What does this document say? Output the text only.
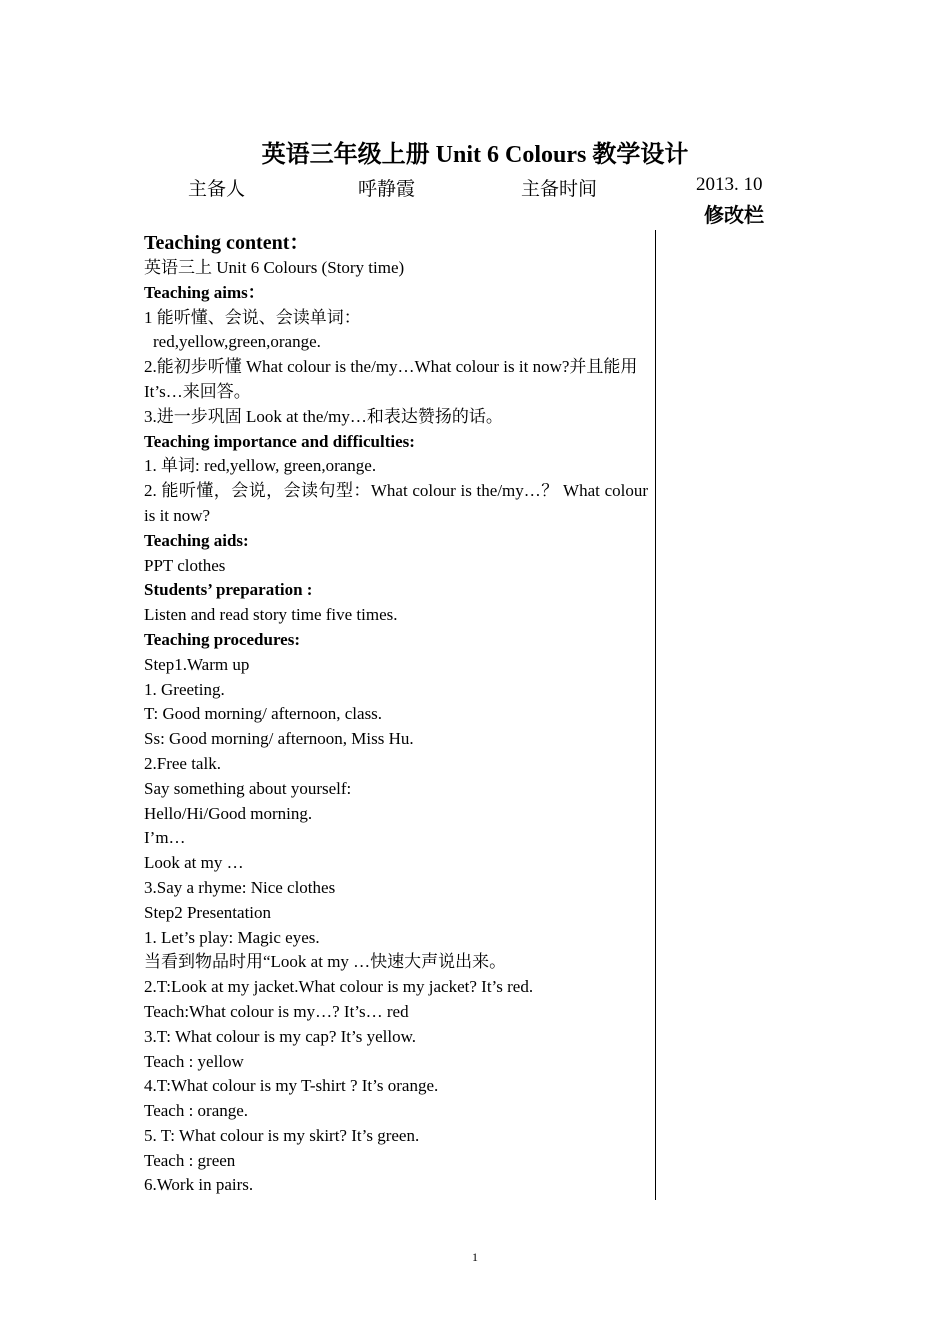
英语三年级上册 Unit 6 Colours 教学设计
主备人	呼静霞	主备时间	2013. 10
修改栏
Teaching content：
英语三上 Unit 6 Colours (Story time)
Teaching aims：
1 能听懂、会说、会读单词：
red,yellow,green,orange.
2.能初步听懂 What colour is the/my…What colour is it now?并且能用 It’s…来回答。
3.进一步巩固 Look at the/my…和表达赞扬的话。
Teaching importance and difficulties:
1. 单词: red,yellow, green,orange.
2. 能听懂，会说，会读句型：What colour is the/my…？ What colour is it now?
Teaching aids:
PPT clothes
Students’ preparation :
Listen and read story time five times.
Teaching procedures:
Step1.Warm up
1. Greeting.
T: Good morning/ afternoon, class.
Ss: Good morning/ afternoon, Miss Hu.
2.Free talk.
Say something about yourself:
Hello/Hi/Good morning.
I’m…
Look at my …
3.Say a rhyme: Nice clothes
Step2 Presentation
1. Let’s play: Magic eyes.
当看到物品时用“Look at my …快速大声说出来。
2.T:Look at my jacket.What colour is my jacket? It’s red.
Teach:What colour is my…? It’s… red
3.T: What colour is my cap? It’s yellow.
Teach : yellow
4.T:What colour is my T-shirt ? It’s orange.
Teach : orange.
5. T: What colour is my skirt? It’s green.
Teach : green
6.Work in pairs.
1
